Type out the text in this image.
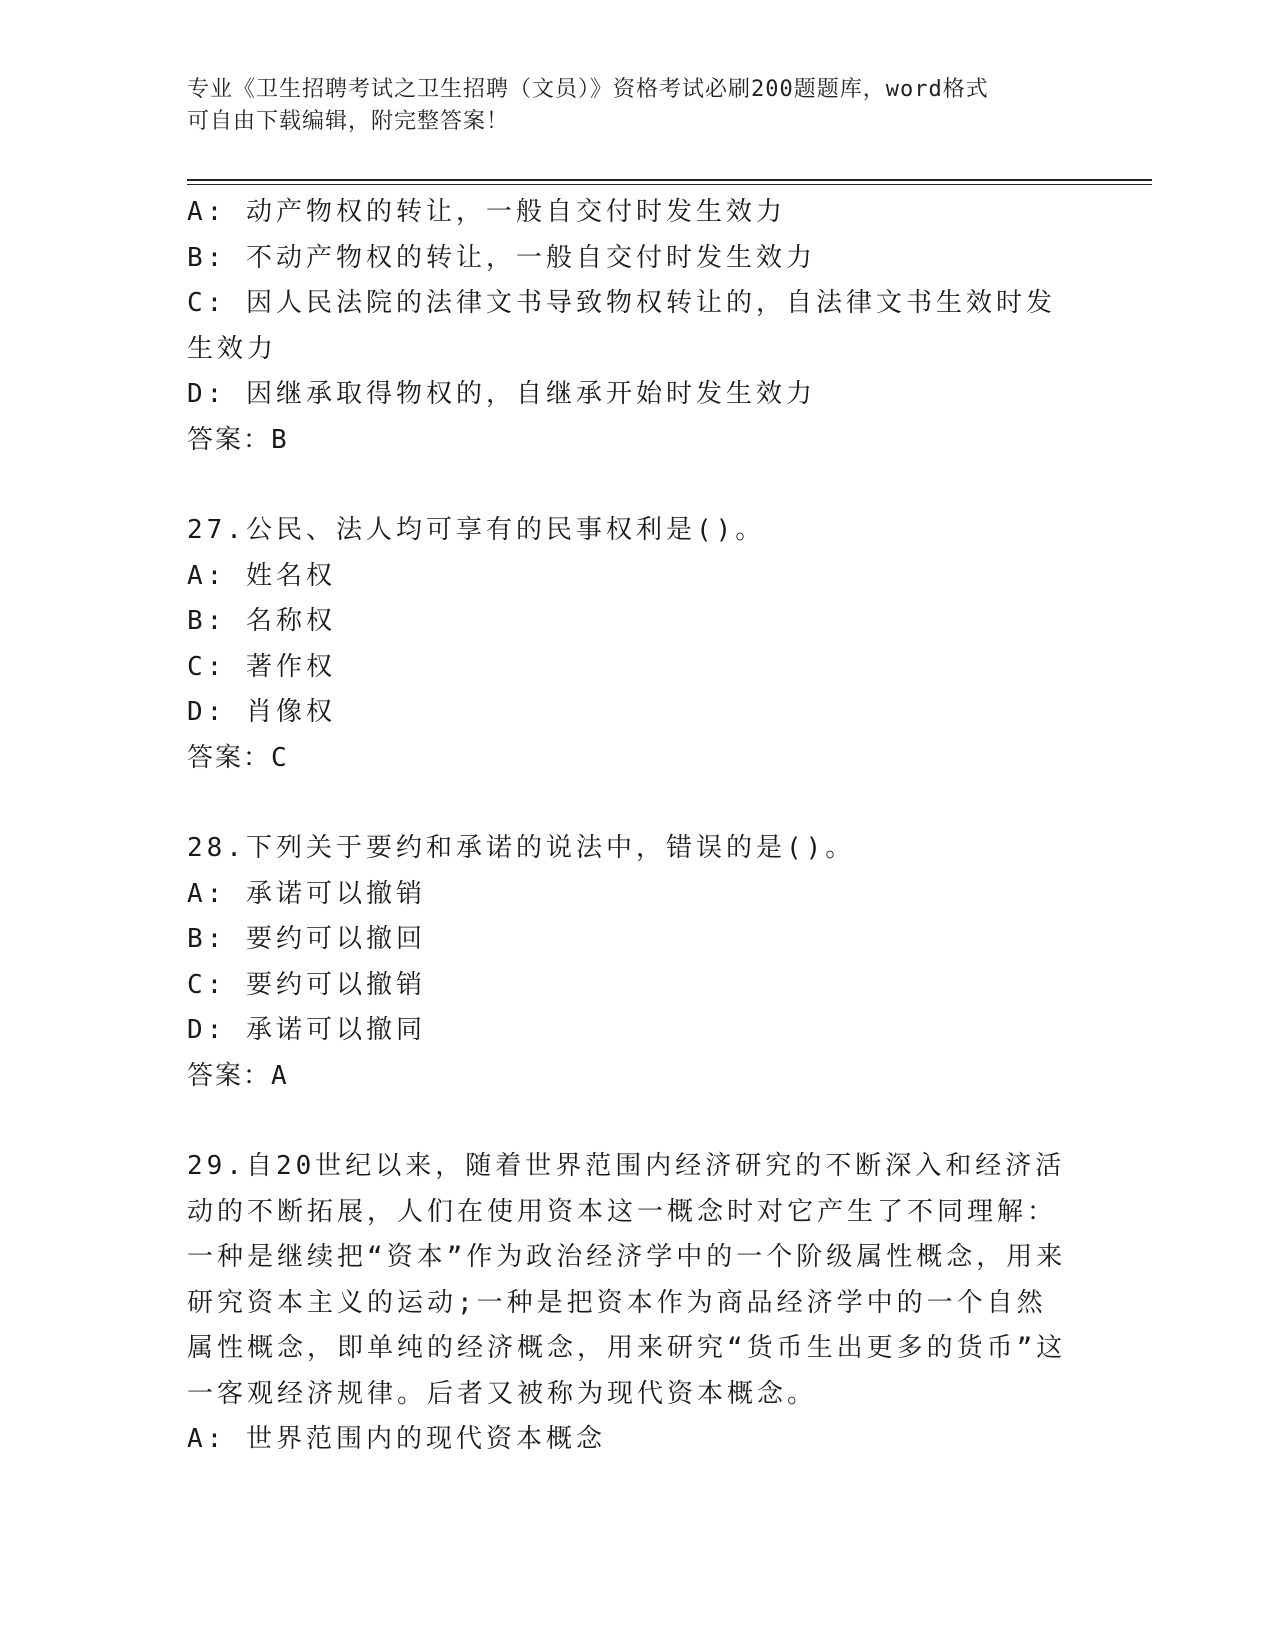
专业《卫生招聘考试之卫生招聘（文员）》资格考试必刷200题题库，word格式
可自由下载编辑，附完整答案！

A: 动产物权的转让，一般自交付时发生效力

B: 不动产物权的转让，一般自交付时发生效力

C: 因人民法院的法律文书导致物权转让的，自法律文书生效时发生效力

D: 因继承取得物权的，自继承开始时发生效力

答案：B

27.公民、法人均可享有的民事权利是()。

A: 姓名权

B: 名称权

C: 著作权

D: 肖像权

答案：C

28.下列关于要约和承诺的说法中，错误的是()。

A: 承诺可以撤销

B: 要约可以撤回

C: 要约可以撤销

D: 承诺可以撤同

答案：A

29.自20世纪以来，随着世界范围内经济研究的不断深入和经济活动的不断拓展，人们在使用资本这一概念时对它产生了不同理解：一种是继续把“资本”作为政治经济学中的一个阶级属性概念，用来研究资本主义的运动;一种是把资本作为商品经济学中的一个自然属性概念，即单纯的经济概念，用来研究“货币生出更多的货币”这一客观经济规律。后者又被称为现代资本概念。

A: 世界范围内的现代资本概念
